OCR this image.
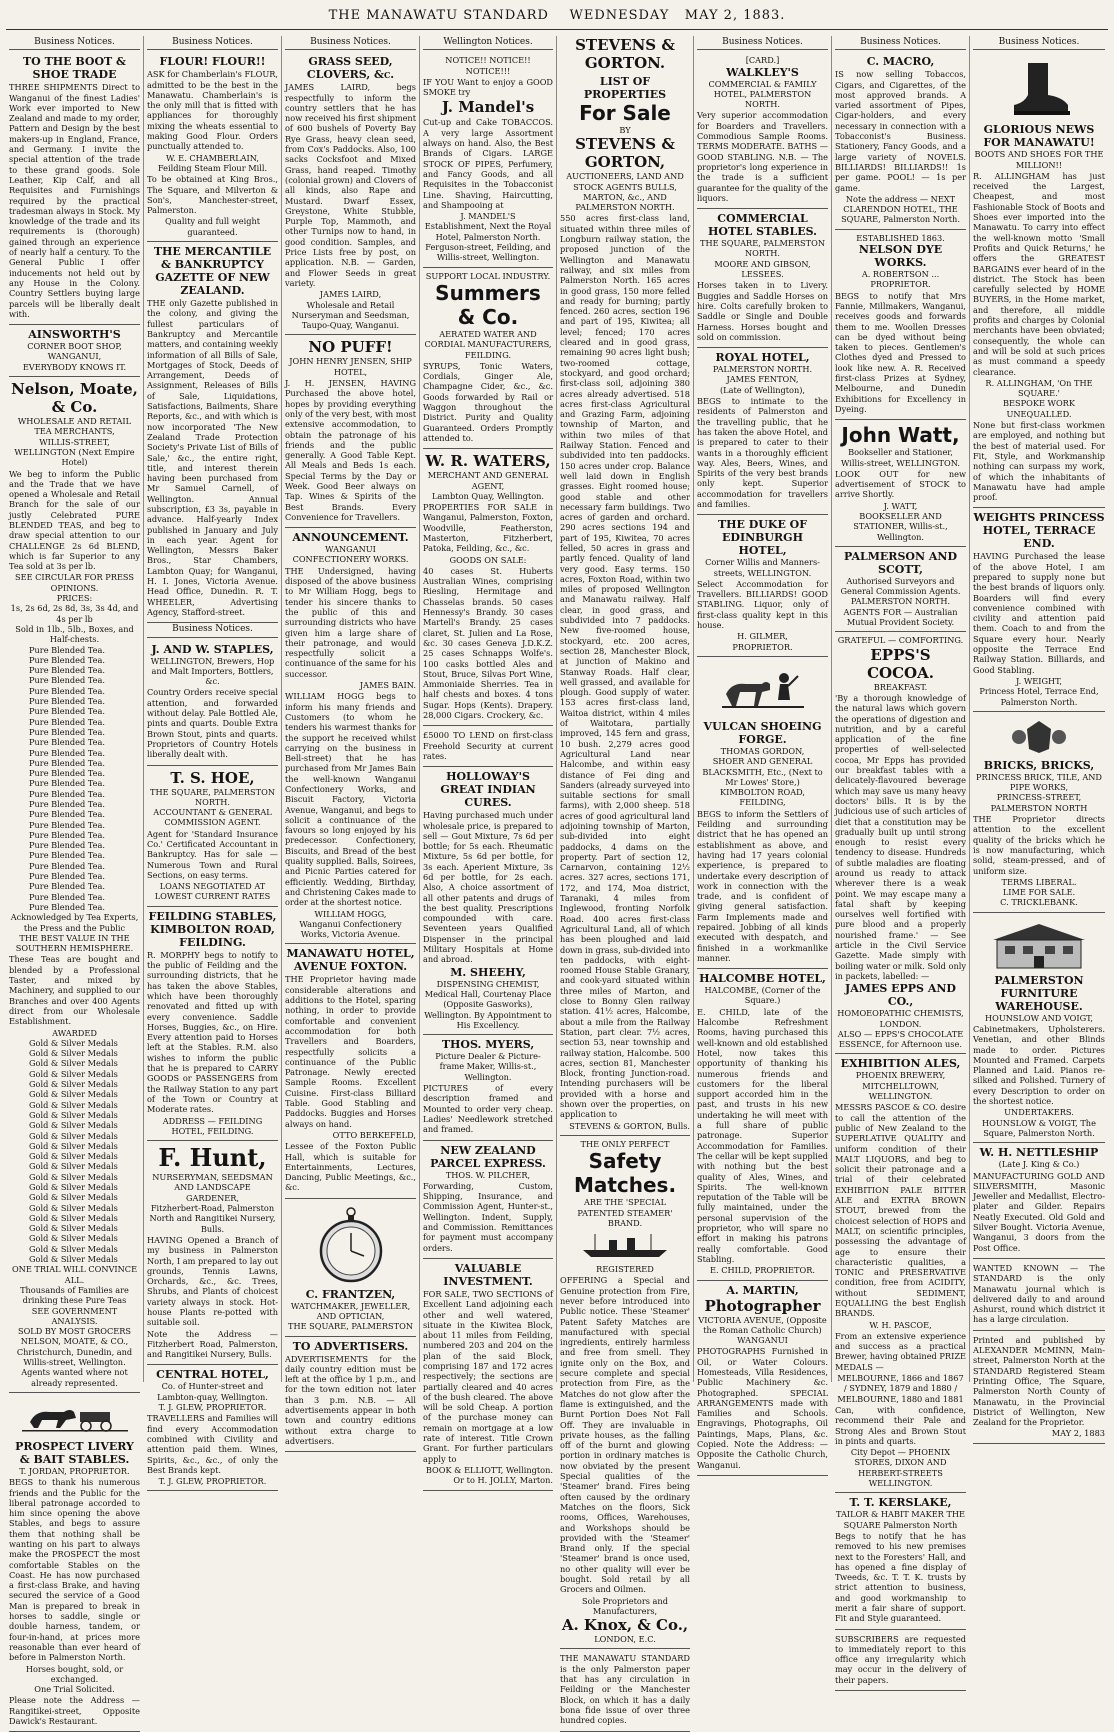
THE MANAWATU STANDARD WEDNESDAY MAY 2, 1883.
Business Notices.
TO THE BOOT & SHOE TRADE
THREE SHIPMENTS Direct to Wanganui of the finest Ladies' Work ever imported to New Zealand and made to my order, Pattern and Design by the best makers-up in England, France, and Germany. I invite the special attention of the trade to these grand goods. Sole Leather, Kip Calf, and all Requisites and Furnishings required by the practical tradesman always in Stock. My knowledge of the trade and its requirements is (thorough) gained through an experience of nearly half a century. To the General Public I offer inducements not held out by any House in the Colony. Country Settlers buying large parcels will be liberally dealt with.
AINSWORTH'S
CORNER BOOT SHOP, WANGANUI,
EVERYBODY KNOWS IT.
Nelson, Moate, & Co.
WHOLESALE AND RETAIL TEA MERCHANTS,
WILLIS-STREET, WELLINGTON (Next Empire Hotel)
We beg to inform the Public and the Trade that we have opened a Wholesale and Retail Branch for the sale of our justly Celebrated PURE BLENDED TEAS, and beg to draw special attention to our CHALLENGE 2s 6d BLEND, which is far Superior to any Tea sold at 3s per lb.
SEE CIRCULAR FOR PRESS OPINIONS.
PRICES:
1s, 2s 6d, 2s 8d, 3s, 3s 4d, and 4s per lb
Sold in 1lb., 5lb., Boxes, and Half-chests.
Pure Blended Tea.
Pure Blended Tea.
Pure Blended Tea.
Pure Blended Tea.
Pure Blended Tea.
Pure Blended Tea.
Pure Blended Tea.
Pure Blended Tea.
Pure Blended Tea.
Pure Blended Tea.
Pure Blended Tea.
Pure Blended Tea.
Pure Blended Tea.
Pure Blended Tea.
Pure Blended Tea.
Pure Blended Tea.
Pure Blended Tea.
Pure Blended Tea.
Pure Blended Tea.
Pure Blended Tea.
Pure Blended Tea.
Pure Blended Tea.
Pure Blended Tea.
Pure Blended Tea.
Pure Blended Tea.
Pure Blended Tea.
Acknowledged by Tea Experts, the Press and the Public
THE BEST VALUE IN THE SOUTHERN HEMISPHERE.
These Teas are bought and blended by a Professional Taster, and mixed by Machinery, and supplied to our Branches and over 400 Agents direct from our Wholesale Establishment.
AWARDED
Gold & Silver Medals
Gold & Silver Medals
Gold & Silver Medals
Gold & Silver Medals
Gold & Silver Medals
Gold & Silver Medals
Gold & Silver Medals
Gold & Silver Medals
Gold & Silver Medals
Gold & Silver Medals
Gold & Silver Medals
Gold & Silver Medals
Gold & Silver Medals
Gold & Silver Medals
Gold & Silver Medals
Gold & Silver Medals
Gold & Silver Medals
Gold & Silver Medals
Gold & Silver Medals
Gold & Silver Medals
Gold & Silver Medals
Gold & Silver Medals
ONE TRIAL WILL CONVINCE ALL.
Thousands of Families are drinking these Pure Teas
SEE GOVERNMENT ANALYSIS.
SOLD BY MOST GROCERS
NELSON, MOATE, & CO.,
Christchurch, Dunedin, and Willis-street, Wellington.
Agents wanted where not already represented.
PROSPECT LIVERY & BAIT STABLES.
T. JORDAN, PROPRIETOR.
BEGS to thank his numerous friends and the Public for the liberal patronage accorded to him since opening the above Stables, and begs to assure them that nothing shall be wanting on his part to always make the PROSPECT the most comfortable Stables on the Coast. He has now purchased a first-class Brake, and having secured the service of a Good Man is prepared to break in horses to saddle, single or double harness, tandem, or four-in-hand, at prices more reasonable than ever heard of before in Palmerston North.
Horses bought, sold, or exchanged.
One Trial Solicited.
Please note the Address — Rangitikei-street, Opposite Dawick's Restaurant.
Business Notices.
FLOUR! FLOUR!!
ASK for Chamberlain's FLOUR, admitted to be the best in the Manawatu. Chamberlain's is the only mill that is fitted with appliances for thoroughly mixing the wheats essential to making Good Flour. Orders punctually attended to.
W. E. CHAMBERLAIN,
Feilding Steam Flour Mill.
To be obtained at King Bros., The Square, and Milverton & Son's, Manchester-street, Palmerston.
Quality and full weight guaranteed.
THE MERCANTILE & BANKRUPTCY GAZETTE OF NEW ZEALAND.
THE only Gazette published in the colony, and giving the fullest particulars of Bankruptcy and Mercantile matters, and containing weekly information of all Bills of Sale, Mortgages of Stock, Deeds of Arrangement, Deeds of Assignment, Releases of Bills of Sale, Liquidations, Satisfactions, Bailments, Share Reports, &c., and with which is now incorporated 'The New Zealand Trade Protection Society's Private List of Bills of Sale,' &c., the entire right, title, and interest therein having been purchased from Mr Samuel Carnell, of Wellington. Annual subscription, £3 3s, payable in advance. Half-yearly Index published in January and July in each year. Agent for Wellington, Messrs Baker Bros., Star Chambers, Lambton Quay; for Wanganui, H. I. Jones, Victoria Avenue. Head Office, Dunedin. R. T. WHEELER, Advertising Agency, Stafford-street.
Business Notices.
J. AND W. STAPLES,
WELLINGTON, Brewers, Hop and Malt Importers, Bottlers, &c.
Country Orders receive special attention, and forwarded without delay. Pale Bottled Ale, pints and quarts. Double Extra Brown Stout, pints and quarts. Proprietors of Country Hotels liberally dealt with.
T. S. HOE,
THE SQUARE, PALMERSTON NORTH.
ACCOUNTANT & GENERAL COMMISSION AGENT.
Agent for 'Standard Insurance Co.' Certificated Accountant in Bankruptcy. Has for sale — Numerous Town and Rural Sections, on easy terms.
LOANS NEGOTIATED AT LOWEST CURRENT RATES
FEILDING STABLES, KIMBOLTON ROAD, FEILDING.
R. MORPHY begs to notify to the public of Feilding and the surrounding districts, that he has taken the above Stables, which have been thoroughly renovated and fitted up with every convenience. Saddle Horses, Buggies, &c., on Hire. Every attention paid to Horses left at the Stables. R.M. also wishes to inform the public that he is prepared to CARRY GOODS or PASSENGERS from the Railway Station to any part of the Town or Country at Moderate rates.
ADDRESS — FEILDING HOTEL, FEILDING.
F. Hunt,
NURSERYMAN, SEEDSMAN AND LANDSCAPE GARDENER,
Fitzherbert-Road, Palmerston North and Rangitikei Nursery, Bulls.
HAVING Opened a Branch of my business in Palmerston North, I am prepared to lay out grounds, Tennis Lawns, Orchards, &c., &c. Trees, Shrubs, and Plants of choicest variety always in stock. Hot-house Plants re-potted with suitable soil.
Note the Address — Fitzherbert Road, Palmerston, and Rangitikei Nursery, Bulls.
CENTRAL HOTEL,
Co. of Hunter-street and Lambton-quay, Wellington.
T. J. GLEW, PROPRIETOR.
TRAVELLERS and Families will find every Accommodation combined with Civility and attention paid them. Wines, Spirits, &c., &c., of only the Best Brands kept.
T. J. GLEW, PROPRIETOR.
Business Notices.
GRASS SEED, CLOVERS, &c.
JAMES LAIRD, begs respectfully to inform the country settlers that he has now received his first shipment of 600 bushels of Poverty Bay Rye Grass, heavy clean seed, from Cox's Paddocks. Also, 100 sacks Cocksfoot and Mixed Grass, hand reaped. Timothy (colonial grown) and Clovers of all kinds, also Rape and Mustard. Dwarf Essex, Greystone, White Stubble, Purple Top, Mammoth, and other Turnips now to hand, in good condition. Samples, and Price Lists free by post, on application. N.B. — Garden, and Flower Seeds in great variety.
JAMES LAIRD,
Wholesale and Retail Nurseryman and Seedsman, Taupo-Quay, Wanganui.
NO PUFF!
JOHN HENRY JENSEN, SHIP HOTEL,
J. H. JENSEN, HAVING Purchased the above hotel, hopes by providing everything only of the very best, with most extensive accommodation, to obtain the patronage of his friends and the public generally. A Good Table Kept. All Meals and Beds 1s each. Special Terms by the Day or Week. Good Beer always on Tap. Wines & Spirits of the Best Brands. Every Convenience for Travellers.
ANNOUNCEMENT.
WANGANUI CONFECTIONERY WORKS.
THE Undersigned, having disposed of the above business to Mr William Hogg, begs to tender his sincere thanks to the public of this and surrounding districts who have given him a large share of their patronage, and would respectfully solicit a continuance of the same for his successor.
JAMES BAIN.
WILLIAM HOGG begs to inform his many friends and Customers (to whom he tenders his warmest thanks for the support he received whilst carrying on the business in Bell-street) that he has purchased from Mr James Bain the well-known Wanganui Confectionery Works, and Biscuit Factory, Victoria Avenue, Wanganui, and begs to solicit a continuance of the favours so long enjoyed by his predecessor. Confectionery, Biscuits, and Bread of the best quality supplied. Balls, Soirees, and Picnic Parties catered for efficiently. Wedding, Birthday, and Christening Cakes made to order at the shortest notice.
WILLIAM HOGG,
Wanganui Confectionery Works, Victoria Avenue.
MANAWATU HOTEL, AVENUE FOXTON.
THE Proprietor having made considerable alterations and additions to the Hotel, sparing nothing, in order to provide comfortable and convenient accommodation for both Travellers and Boarders, respectfully solicits a continuance of the Public Patronage. Newly erected Sample Rooms. Excellent Cuisine. First-class Billiard Table. Good Stabling and Paddocks. Buggies and Horses always on hand.
OTTO BERKEFELD,
Lessee of the Foxton Public Hall, which is suitable for Entertainments, Lectures, Dancing, Public Meetings, &c., &c.
C. FRANTZEN,
WATCHMAKER, JEWELLER, AND OPTICIAN,
THE SQUARE, PALMERSTON
TO ADVERTISERS.
ADVERTISEMENTS for the daily country edition must be left at the office by 1 p.m., and for the town edition not later than 3 p.m. N.B. — All advertisements appear in both town and country editions without extra charge to advertisers.
Wellington Notices.
NOTICE!! NOTICE!! NOTICE!!!
IF YOU Want to enjoy a GOOD SMOKE try
J. Mandel's
Cut-up and Cake TOBACCOS. A very large Assortment always on hand. Also, the Best Brands of Cigars. LARGE STOCK OF PIPES, Perfumery, and Fancy Goods, and all Requisites in the Tobacconist Line. Shaving, Haircutting, and Shampooing at
J. MANDEL'S
Establishment, Next the Royal Hotel, Palmerston North. Ferguson-street, Feilding, and Willis-street, Wellington.
SUPPORT LOCAL INDUSTRY.
Summers & Co.
AERATED WATER AND CORDIAL MANUFACTURERS, FEILDING.
SYRUPS, Tonic Waters, Cordials, Ginger Ale, Champagne Cider, &c., &c. Goods forwarded by Rail or Waggon throughout the District. Purity and Quality Guaranteed. Orders Promptly attended to.
W. R. WATERS,
MERCHANT AND GENERAL AGENT,
Lambton Quay, Wellington.
PROPERTIES FOR SALE in Wanganui, Palmerston, Foxton, Woodville, Featherston, Masterton, Fitzherbert, Patoka, Feilding, &c., &c.
GOODS ON SALE:
40 cases St. Huberts Australian Wines, comprising Riesling, Hermitage and Chasselas brands. 50 cases Hennessy's Brandy. 30 cases Martell's Brandy. 25 cases claret, St. Julien and La Rose, &c. 30 cases Geneva J.D.K.Z. 25 cases Schnapps Wolfe's. 100 casks bottled Ales and Stout, Bruce, Silvas Port Wine, Ammoniaide Sherries. Tea in half chests and boxes. 4 tons Sugar. Hops (Kents). Drapery. 28,000 Cigars. Crockery, &c.
£5000 TO LEND on first-class Freehold Security at current rates.
HOLLOWAY'S GREAT INDIAN CURES.
Having purchased much under wholesale price, is prepared to sell — Gout Mixture, 7s 6d per bottle; for 5s each. Rheumatic Mixture, 5s 6d per bottle, for 3s each. Aperient Mixture, 3s 6d per bottle, for 2s each. Also, A choice assortment of all other patents and drugs of the best quality. Prescriptions compounded with care. Seventeen years Qualified Dispenser in the principal Military Hospitals at Home and abroad.
M. SHEEHY,
DISPENSING CHEMIST, Medical Hall, Courtenay Place (Opposite Gasworks), Wellington. By Appointment to His Excellency.
THOS. MYERS,
Picture Dealer & Picture-frame Maker, Willis-st., Wellington.
PICTURES of every description framed and Mounted to order very cheap. Ladies' Needlework stretched and framed.
NEW ZEALAND PARCEL EXPRESS.
THOS. W. PILCHER,
Forwarding, Custom, Shipping, Insurance, and Commission Agent, Hunter-st., Wellington. Indent, Supply, and Commission. Remittances for payment must accompany orders.
VALUABLE INVESTMENT.
FOR SALE, TWO SECTIONS of Excellent Land adjoining each other and well watered, situate in the Kiwitea Block, about 11 miles from Feilding, numbered 203 and 204 on the plan of the said Block, comprising 187 and 172 acres respectively; the sections are partially cleared and 40 acres of the bush cleared. The above will be sold Cheap. A portion of the purchase money can remain on mortgage at a low rate of interest. Title Crown Grant. For further particulars apply to
BOOK & ELLIOTT, Wellington.
Or to H. JOLLY, Marton.
STEVENS & GORTON.
LIST OF PROPERTIES
For Sale
BY
STEVENS & GORTON,
AUCTIONEERS, LAND AND STOCK AGENTS BULLS, MARTON, &c., AND PALMERSTON NORTH.
550 acres first-class land, situated within three miles of Longburn railway station, the proposed junction of the Wellington and Manawatu railway, and six miles from Palmerston North. 165 acres in good grass, 150 more felled and ready for burning; partly fenced. 260 acres, section 196 and part of 195, Kiwitea; all level; fenced; 170 acres cleared and in good grass, remaining 90 acres light bush; two-roomed cottage, stockyard, and good orchard; first-class soil, adjoining 380 acres already advertised. 518 acres first-class Agricultural and Grazing Farm, adjoining township of Marton, and within two miles of that Railway Station. Fenced and subdivided into ten paddocks. 150 acres under crop. Balance well laid down in English grasses. Eight roomed house; good stable and other necessary farm buildings. Two acres of garden and orchard. 290 acres sections 194 and part of 195, Kiwitea, 70 acres felled, 50 acres in grass and partly fenced. Quality of land very good. Easy terms. 150 acres, Foxton Road, within two miles of proposed Wellington and Manawatu railway. Half clear, in good grass, and subdivided into 7 paddocks. New five-roomed house, stockyard, etc. 200 acres, section 28, Manchester Block, at junction of Makino and Stanway Roads. Half clear, well grassed, and available for plough. Good supply of water. 153 acres first-class land, Waitoa district, within 4 miles of Waitotara, partially improved, 145 fern and grass, 10 bush. 2,279 acres good Agricultural Land near Halcombe, and within easy distance of Fei ding and Sanders (already surveyed into suitable sections for small farms), with 2,000 sheep. 518 acres of good agricultural land adjoining township of Marton, sub-divided into eight paddocks, 4 dams on the property. Part of section 12, Carnarvon, containing 12½ acres. 327 acres, sections 171, 172, and 174, Moa district, Taranaki, 4 miles from Inglewood, fronting Norfolk Road. 400 acres first-class Agricultural Land, all of which has been ploughed and laid down in grass, sub-divided into ten paddocks, with eight-roomed House Stable Granary, and cook-yard situated within three miles of Marton, and close to Bonny Glen railway station. 41½ acres, Halcombe, about a mile from the Railway Station, part clear. 7½ acres, section 53, near township and railway station, Halcombe. 500 acres, section 81, Manchester Block, fronting Junction-road. Intending purchasers will be provided with a horse and shown over the properties, on application to
STEVENS & GORTON, Bulls.
THE ONLY PERFECT
Safety Matches.
ARE THE 'SPECIAL PATENTED STEAMER' BRAND.
REGISTERED
OFFERING a Special and Genuine protection from Fire, never before introduced into Public notice. These 'Steamer' Patent Safety Matches are manufactured with special ingredients, entirely harmless and free from smell. They ignite only on the Box, and secure complete and special protection from Fire, as the Matches do not glow after the flame is extinguished, and the Burnt Portion Does Not Fall Off. They are invaluable in private houses, as the falling off of the burnt and glowing portion in ordinary matches is now obviated by the present Special qualities of the 'Steamer' brand. Fires being often caused by the ordinary Matches on the floors, Sick rooms, Offices, Warehouses, and Workshops should be provided with the 'Steamer' Brand only. If the special 'Steamer' brand is once used, no other quality will ever be bought. Sold retail by all Grocers and Oilmen.
Sole Proprietors and Manufacturers,
A. Knox, & Co.,
LONDON, E.C.
THE MANAWATU STANDARD is the only Palmerston paper that has any circulation in Feilding or the Manchester Block, on which it has a daily bona fide issue of over three hundred copies.
Business Notices.
[CARD.]
WALKLEY'S
COMMERCIAL & FAMILY HOTEL, PALMERSTON NORTH.
Very superior accommodation for Boarders and Travellers. Commodious Sample Rooms. TERMS MODERATE. BATHS — GOOD STABLING. N.B. — The proprietor's long experience in the trade is a sufficient guarantee for the quality of the liquors.
COMMERCIAL HOTEL STABLES.
THE SQUARE, PALMERSTON NORTH.
MOORE AND GIBSON, LESSEES.
Horses taken in to Livery. Buggies and Saddle Horses on hire. Colts carefully broken to Saddle or Single and Double Harness. Horses bought and sold on commission.
ROYAL HOTEL,
PALMERSTON NORTH.
JAMES FENTON,
(Late of Wellington),
BEGS to intimate to the residents of Palmerston and the travelling public, that he has taken the above Hotel, and is prepared to cater to their wants in a thoroughly efficient way. Ales, Beers, Wines, and Spirits of the very best brands only kept. Superior accommodation for travellers and families.
THE DUKE OF EDINBURGH HOTEL,
Corner Willis and Manners-streets, WELLINGTON.
Select Accommodation for Travellers. BILLIARDS! GOOD STABLING. Liquor, only of first-class quality kept in this house.
H. GILMER,
PROPRIETOR.
VULCAN SHOEING FORGE.
THOMAS GORDON,
SHOER AND GENERAL BLACKSMITH, Etc., (Next to Mr Lowes' Store,) KIMBOLTON ROAD, FEILDING,
BEGS to inform the Settlers of Feilding and surrounding district that he has opened an establishment as above, and having had 17 years colonial experience, is prepared to undertake every description of work in connection with the trade, and is confident of giving general satisfaction. Farm Implements made and repaired. Jobbing of all kinds executed with despatch, and finished in a workmanlike manner.
HALCOMBE HOTEL,
HALCOMBE, (Corner of the Square.)
E. CHILD, late of the Halcombe Refreshment Rooms, having purchased this well-known and old established Hotel, now takes this opportunity of thanking his numerous friends and customers for the liberal support accorded him in the past, and trusts in his new undertaking he will meet with a full share of public patronage. Superior Accommodation for Families. The cellar will be kept supplied with nothing but the best quality of Ales, Wines, and Spirits. The well-known reputation of the Table will be fully maintained, under the personal supervision of the proprietor, who will spare no effort in making his patrons really comfortable. Good Stabling.
E. CHILD, PROPRIETOR.
A. MARTIN,
Photographer
VICTORIA AVENUE, (Opposite the Roman Catholic Church) WANGANUI
PHOTOGRAPHS Furnished in Oil, or Water Colours. Homesteads, Villa Residences, Public Machinery &c. Photographed. SPECIAL ARRANGEMENTS made with Families and Schools. Engravings, Photographs, Oil Paintings, Maps, Plans, &c. Copied. Note the Address: — Opposite the Catholic Church, Wanganui.
Business Notices.
C. MACRO,
IS now selling Tobaccos, Cigars, and Cigarettes, of the most approved brands. A varied assortment of Pipes, Cigar-holders, and every necessary in connection with a Tobacconist's Business. Stationery, Fancy Goods, and a large variety of NOVELS. BILLIARDS! BILLIARDS!! 1s per game. POOL! — 1s per game.
Note the address — NEXT CLARENDON HOTEL, THE SQUARE, Palmerston North.
ESTABLISHED 1863.
NELSON DYE WORKS.
A. ROBERTSON ... PROPRIETOR.
BEGS to notify that Mrs Fannie, Millmakers, Wanganui, receives goods and forwards them to me. Woollen Dresses can be dyed without being taken to pieces. Gentlemen's Clothes dyed and Pressed to look like new. A. R. Received first-class Prizes at Sydney, Melbourne, and Dunedin Exhibitions for Excellency in Dyeing.
John Watt,
Bookseller and Stationer, Willis-street, WELLINGTON.
LOOK OUT for new advertisement of STOCK to arrive Shortly.
J. WATT,
BOOKSELLER AND STATIONER, Willis-st., Wellington.
PALMERSON AND SCOTT,
Authorised Surveyors and General Commission Agents. PALMERSTON NORTH.
AGENTS FOR — Australian Mutual Provident Society.
GRATEFUL — COMFORTING.
EPPS'S COCOA.
BREAKFAST.
'By a thorough knowledge of the natural laws which govern the operations of digestion and nutrition, and by a careful application of the fine properties of well-selected cocoa, Mr Epps has provided our breakfast tables with a delicately-flavoured beverage which may save us many heavy doctors' bills. It is by the judicious use of such articles of diet that a constitution may be gradually built up until strong enough to resist every tendency to disease. Hundreds of subtle maladies are floating around us ready to attack wherever there is a weak point. We may escape many a fatal shaft by keeping ourselves well fortified with pure blood and a properly nourished frame.' — See article in the Civil Service Gazette. Made simply with boiling water or milk. Sold only in packets, labelled: —
JAMES EPPS AND CO.,
HOMOEOPATHIC CHEMISTS, LONDON.
ALSO — EPPS'S CHOCOLATE ESSENCE, for Afternoon use.
EXHIBITION ALES,
PHOENIX BREWERY,
MITCHELLTOWN, WELLINGTON.
MESSRS PASCOE & CO. desire to call the attention of the public of New Zealand to the SUPERLATIVE QUALITY and uniform condition of their MALT LIQUORS, and beg to solicit their patronage and a trial of their celebrated EXHIBITION PALE BITTER ALE and EXTRA BROWN STOUT, brewed from the choicest selection of HOPS and MALT, on scientific principles, possessing the advantage of age to ensure their characteristic qualities, a TONIC and PRESERVATIVE condition, free from ACIDITY, without SEDIMENT, EQUALLING the best English BRANDS.
W. H. PASCOE,
From an extensive experience and success as a practical Brewer, having obtained PRIZE MEDALS —
MELBOURNE, 1866 and 1867 / SYDNEY, 1879 and 1880 / MELBOURNE, 1880 and 1881
Can, with confidence, recommend their Pale and Strong Ales and Brown Stout in pints and quarts.
City Depot — PHOENIX STORES, DIXON AND HERBERT-STREETS WELLINGTON.
T. T. KERSLAKE,
TAILOR & HABIT MAKER THE SQUARE Palmerston North
Begs to notify that he has removed to his new premises next to the Foresters' Hall, and has opened a fine display of Tweeds, &c. T. T. K. trusts by strict attention to business, and good workmanship to merit a fair share of support. Fit and Style guaranteed.
SUBSCRIBERS are requested to immediately report to this office any irregularity which may occur in the delivery of their papers.
Business Notices.
GLORIOUS NEWS FOR MANAWATU!
BOOTS AND SHOES FOR THE MILLION!!
R. ALLINGHAM has just received the Largest, Cheapest, and most Fashionable Stock of Boots and Shoes ever imported into the Manawatu. To carry into effect the well-known motto 'Small Profits and Quick Returns,' he offers the GREATEST BARGAINS ever heard of in the district. The Stock has been carefully selected by HOME BUYERS, in the Home market, and therefore, all middle profits and charges by Colonial merchants have been obviated; consequently, the whole can and will be sold at such prices as must command a speedy clearance.
R. ALLINGHAM, 'On THE SQUARE.'
BESPOKE WORK UNEQUALLED.
None but first-class workmen are employed, and nothing but the best of material used. For Fit, Style, and Workmanship nothing can surpass my work, of which the inhabitants of Manawatu have had ample proof.
WEIGHTS PRINCESS HOTEL, TERRACE END.
HAVING Purchased the lease of the above Hotel, I am prepared to supply none but the best brands of liquors only. Boarders will find every convenience combined with civility and attention paid them. Coach to and from the Square every hour. Nearly opposite the Terrace End Railway Station. Billiards, and Good Stabling.
J. WEIGHT,
Princess Hotel, Terrace End, Palmerston North.
BRICKS, BRICKS,
PRINCESS BRICK, TILE, AND PIPE WORKS,
PRINCESS-STREET, PALMERSTON NORTH
THE Proprietor directs attention to the excellent quality of the bricks which he is now manufacturing, which solid, steam-pressed, and of uniform size.
TERMS LIBERAL.
LIME FOR SALE.
C. TRICKLEBANK.
PALMERSTON FURNITURE WAREHOUSE.
HOUNSLOW AND VOIGT,
Cabinetmakers, Upholsterers. Venetian, and other Blinds made to order. Pictures Mounted and Framed. Carpets Planned and Laid. Pianos re-silked and Polished. Turnery of every Description to order on the shortest notice.
UNDERTAKERS.
HOUNSLOW & VOIGT, The Square, Palmerston North.
W. H. NETTLESHIP
(Late J. King & Co.)
MANUFACTURING GOLD AND SILVERSMITH, Masonic Jeweller and Medallist, Electro-plater and Gilder. Repairs Neatly Executed. Old Gold and Silver Bought. Victoria Avenue, Wanganui, 3 doors from the Post Office.
WANTED KNOWN — The STANDARD is the only Manawatu journal which is delivered daily to and around Ashurst, round which district it has a large circulation.
Printed and published by ALEXANDER McMINN, Main-street, Palmerston North at the STANDARD Registered Steam Printing Office, The Square, Palmerston North County of Manawatu, in the Provincial District of Wellington, New Zealand for the Proprietor.
MAY 2, 1883
